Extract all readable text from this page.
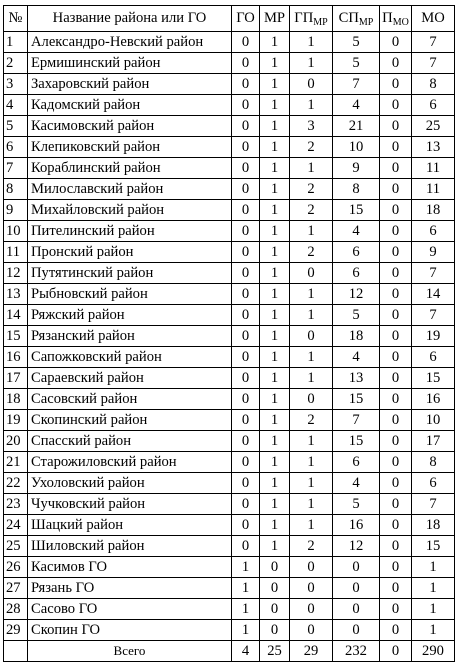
№	Название района или ГО	ГО	МР	$ГП_{МР}$	$СП_{МР}$	$П_{МО}$	МО
1	Александро-Невский район	0	1	1	5	0	7
2	Ермишинский район	0	1	1	5	0	7
3	Захаровский район	0	1	0	7	0	8
4	Кадомский район	0	1	1	4	0	6
5	Касимовский район	0	1	3	21	0	25
6	Клепиковский район	0	1	2	10	0	13
7	Кораблинский район	0	1	1	9	0	11
8	Милославский район	0	1	2	8	0	11
9	Михайловский район	0	1	2	15	0	18
10	Пителинский район	0	1	1	4	0	6
11	Пронский район	0	1	2	6	0	9
12	Путятинский район	0	1	0	6	0	7
13	Рыбновский район	0	1	1	12	0	14
14	Ряжский район	0	1	1	5	0	7
15	Рязанский район	0	1	0	18	0	19
16	Сапожковский район	0	1	1	4	0	6
17	Сараевский район	0	1	1	13	0	15
18	Сасовский район	0	1	0	15	0	16
19	Скопинский район	0	1	2	7	0	10
20	Спасский район	0	1	1	15	0	17
21	Старожиловский район	0	1	1	6	0	8
22	Ухоловский район	0	1	1	4	0	6
23	Чучковский район	0	1	1	5	0	7
24	Шацкий район	0	1	1	16	0	18
25	Шиловский район	0	1	2	12	0	15
26	Касимов ГО	1	0	0	0	0	1
27	Рязань ГО	1	0	0	0	0	1
28	Сасово ГО	1	0	0	0	0	1
29	Скопин ГО	1	0	0	0	0	1
	Всего	4	25	29	232	0	290
